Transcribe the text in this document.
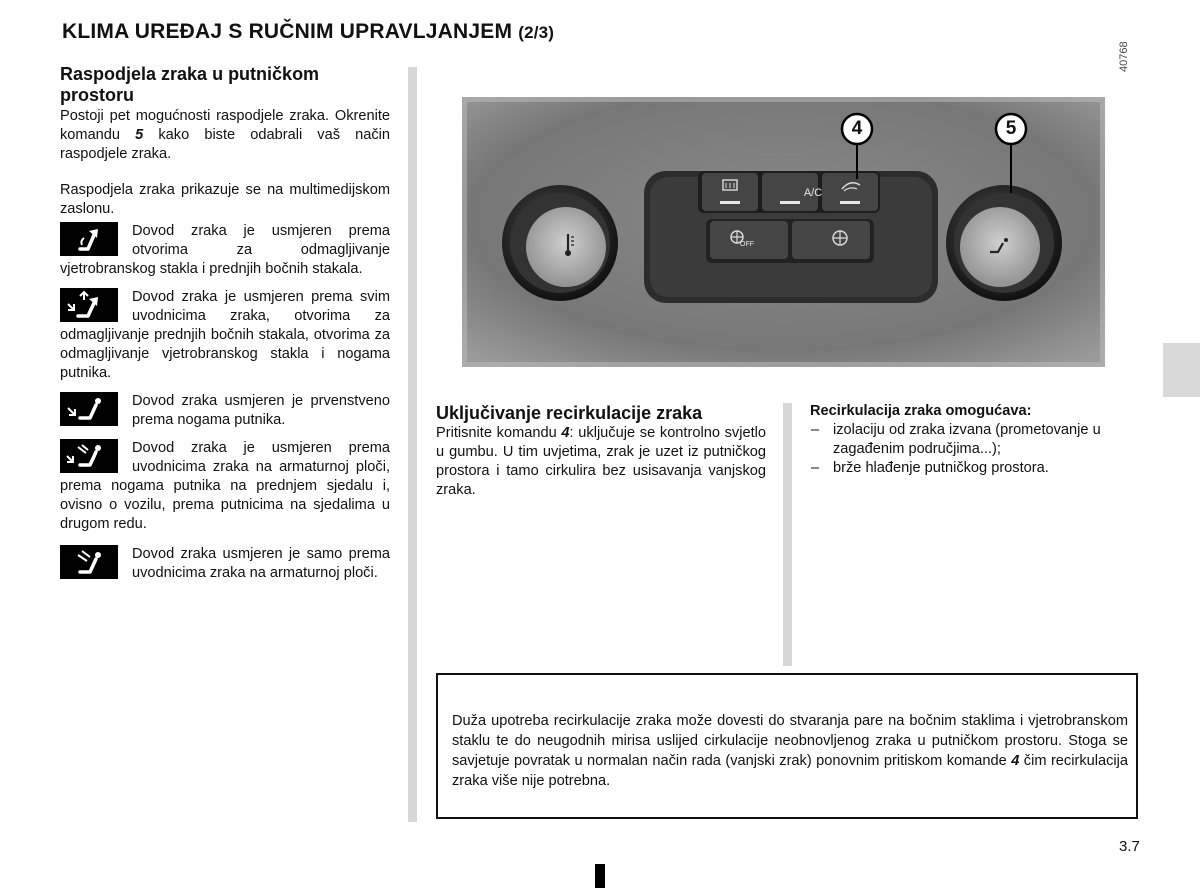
KLIMA UREĐAJ S RUČNIM UPRAVLJANJEM (2/3)
Raspodjela zraka u putničkom prostoru
Postoji pet mogućnosti raspodjele zraka. Okrenite komandu 5 kako biste odabrali vaš način raspodjele zraka.
Raspodjela zraka prikazuje se na multimedijskom zaslonu.
Dovod zraka je usmjeren prema otvorima za odmagljivanje vjetrobranskog stakla i prednjih bočnih stakala.
Dovod zraka je usmjeren prema svim uvodnicima zraka, otvorima za odmagljivanje prednjih bočnih stakala, otvorima za odmagljivanje vjetrobranskog stakla i nogama putnika.
Dovod zraka usmjeren je prvenstveno prema nogama putnika.
Dovod zraka je usmjeren prema uvodnicima zraka na armaturnoj ploči, prema nogama putnika na prednjem sjedalu i, ovisno o vozilu, prema putnicima na sjedalima u drugom redu.
Dovod zraka usmjeren je samo prema uvodnicima zraka na armaturnoj ploči.
40768
A/C
OFF
4	5
Uključivanje recirkulacije zraka
Pritisnite komandu 4: uključuje se kontrolno svjetlo u gumbu. U tim uvjetima, zrak je uzet iz putničkog prostora i tamo cirkulira bez usisavanja vanjskog zraka.
Recirkulacija zraka omogućava:
– izolaciju od zraka izvana (prometovanje u zagađenim područjima...);
– brže hlađenje putničkog prostora.
Duža upotreba recirkulacije zraka može dovesti do stvaranja pare na bočnim staklima i vjetrobranskom staklu te do neugodnih mirisa uslijed cirkulacije neobnovljenog zraka u putničkom prostoru. Stoga se savjetuje povratak u normalan način rada (vanjski zrak) ponovnim pritiskom komande 4 čim recirkulacija zraka više nije potrebna.
3.7
